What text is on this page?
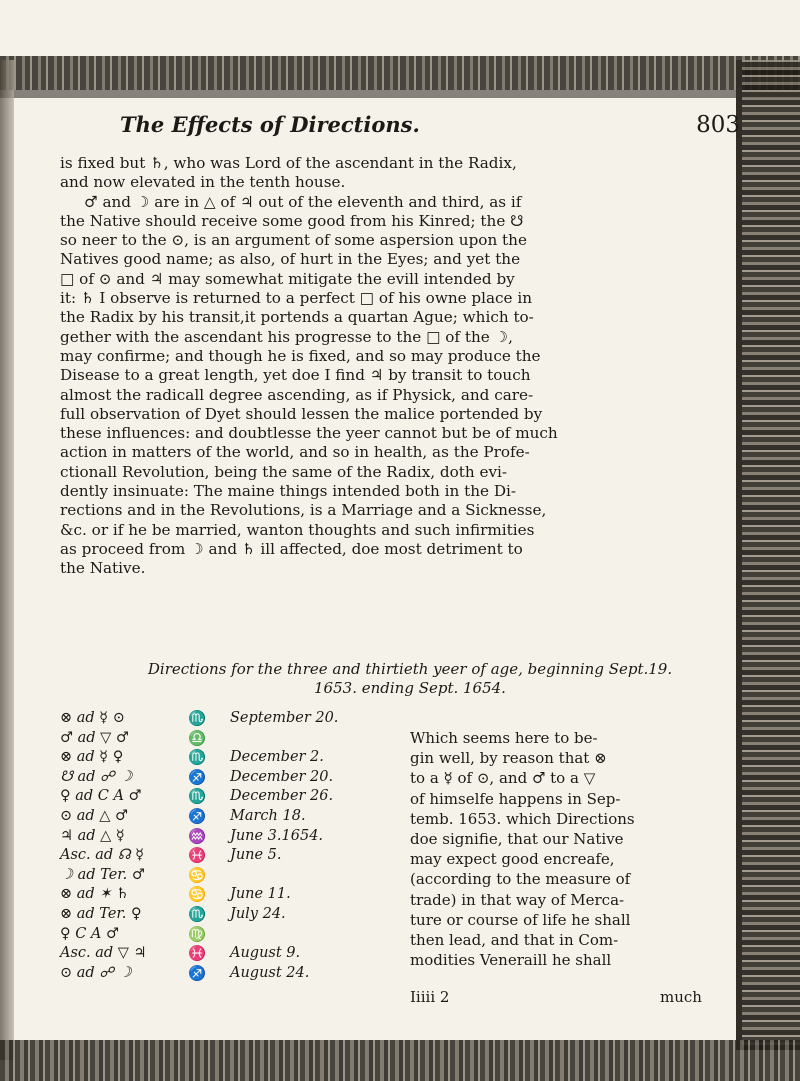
The Effects of Directions.	803
is fixed but ♄, who was Lord of the ascendant in the Radix,
and now elevated in the tenth house.
♂ and ☽ are in △ of ♃ out of the eleventh and third, as if
the Native should receive some good from his Kinred; the ☋
so neer to the ⊙, is an argument of some aspersion upon the
Natives good name; as also, of hurt in the Eyes; and yet the
□ of ⊙ and ♃ may somewhat mitigate the evill intended by
it: ♄ I observe is returned to a perfect □ of his owne place in
the Radix by his transit,it portends a quartan Ague; which to-
gether with the ascendant his progresse to the □ of the ☽,
may confirme; and though he is fixed, and so may produce the
Disease to a great length, yet doe I find ♃ by transit to touch
almost the radicall degree ascending, as if Physick, and care-
full observation of Dyet should lessen the malice portended by
these influences: and doubtlesse the yeer cannot but be of much
action in matters of the world, and so in health, as the Profe-
ctionall Revolution, being the same of the Radix, doth evi-
dently insinuate: The maine things intended both in the Di-
rections and in the Revolutions, is a Marriage and a Sicknesse,
&c. or if he be married, wanton thoughts and such infirmities
as proceed from ☽ and ♄ ill affected, doe most detriment to
the Native.
Directions for the three and thirtieth yeer of age, beginning Sept.19.
1653. ending Sept. 1654.
⊗ ad ☿ ⊙	♏ September 20.
♂ ad ▽ ♂	♎
⊗ ad ☿ ♀	♏ December 2.
☋ ad ☍ ☽	♐ December 20.
♀ ad C A ♂	♏ December 26.
⊙ ad △ ♂	♐ March 18.
♃ ad △ ☿	♒ June 3.1654.
Asc. ad ☊ ☿	♓ June 5.
☽ ad Ter. ♂	♋
⊗ ad ✶ ♄	♋ June 11.
⊗ ad Ter. ♀	♏ July 24.
♀ C A ♂	♍
Asc. ad ▽ ♃	♓ August 9.
⊙ ad ☍ ☽	♐ August 24.
Which seems here to be-
gin well, by reason that ⊗
to a ☿ of ⊙, and ♂ to a ▽
of himselfe happens in Sep-
temb. 1653. which Directions
doe signifie, that our Native
may expect good encreafe,
(according to the measure of
trade) in that way of Merca-
ture or course of life he shall
then lead, and that in Com-
modities Veneraill he shall
Iiiii 2	much
